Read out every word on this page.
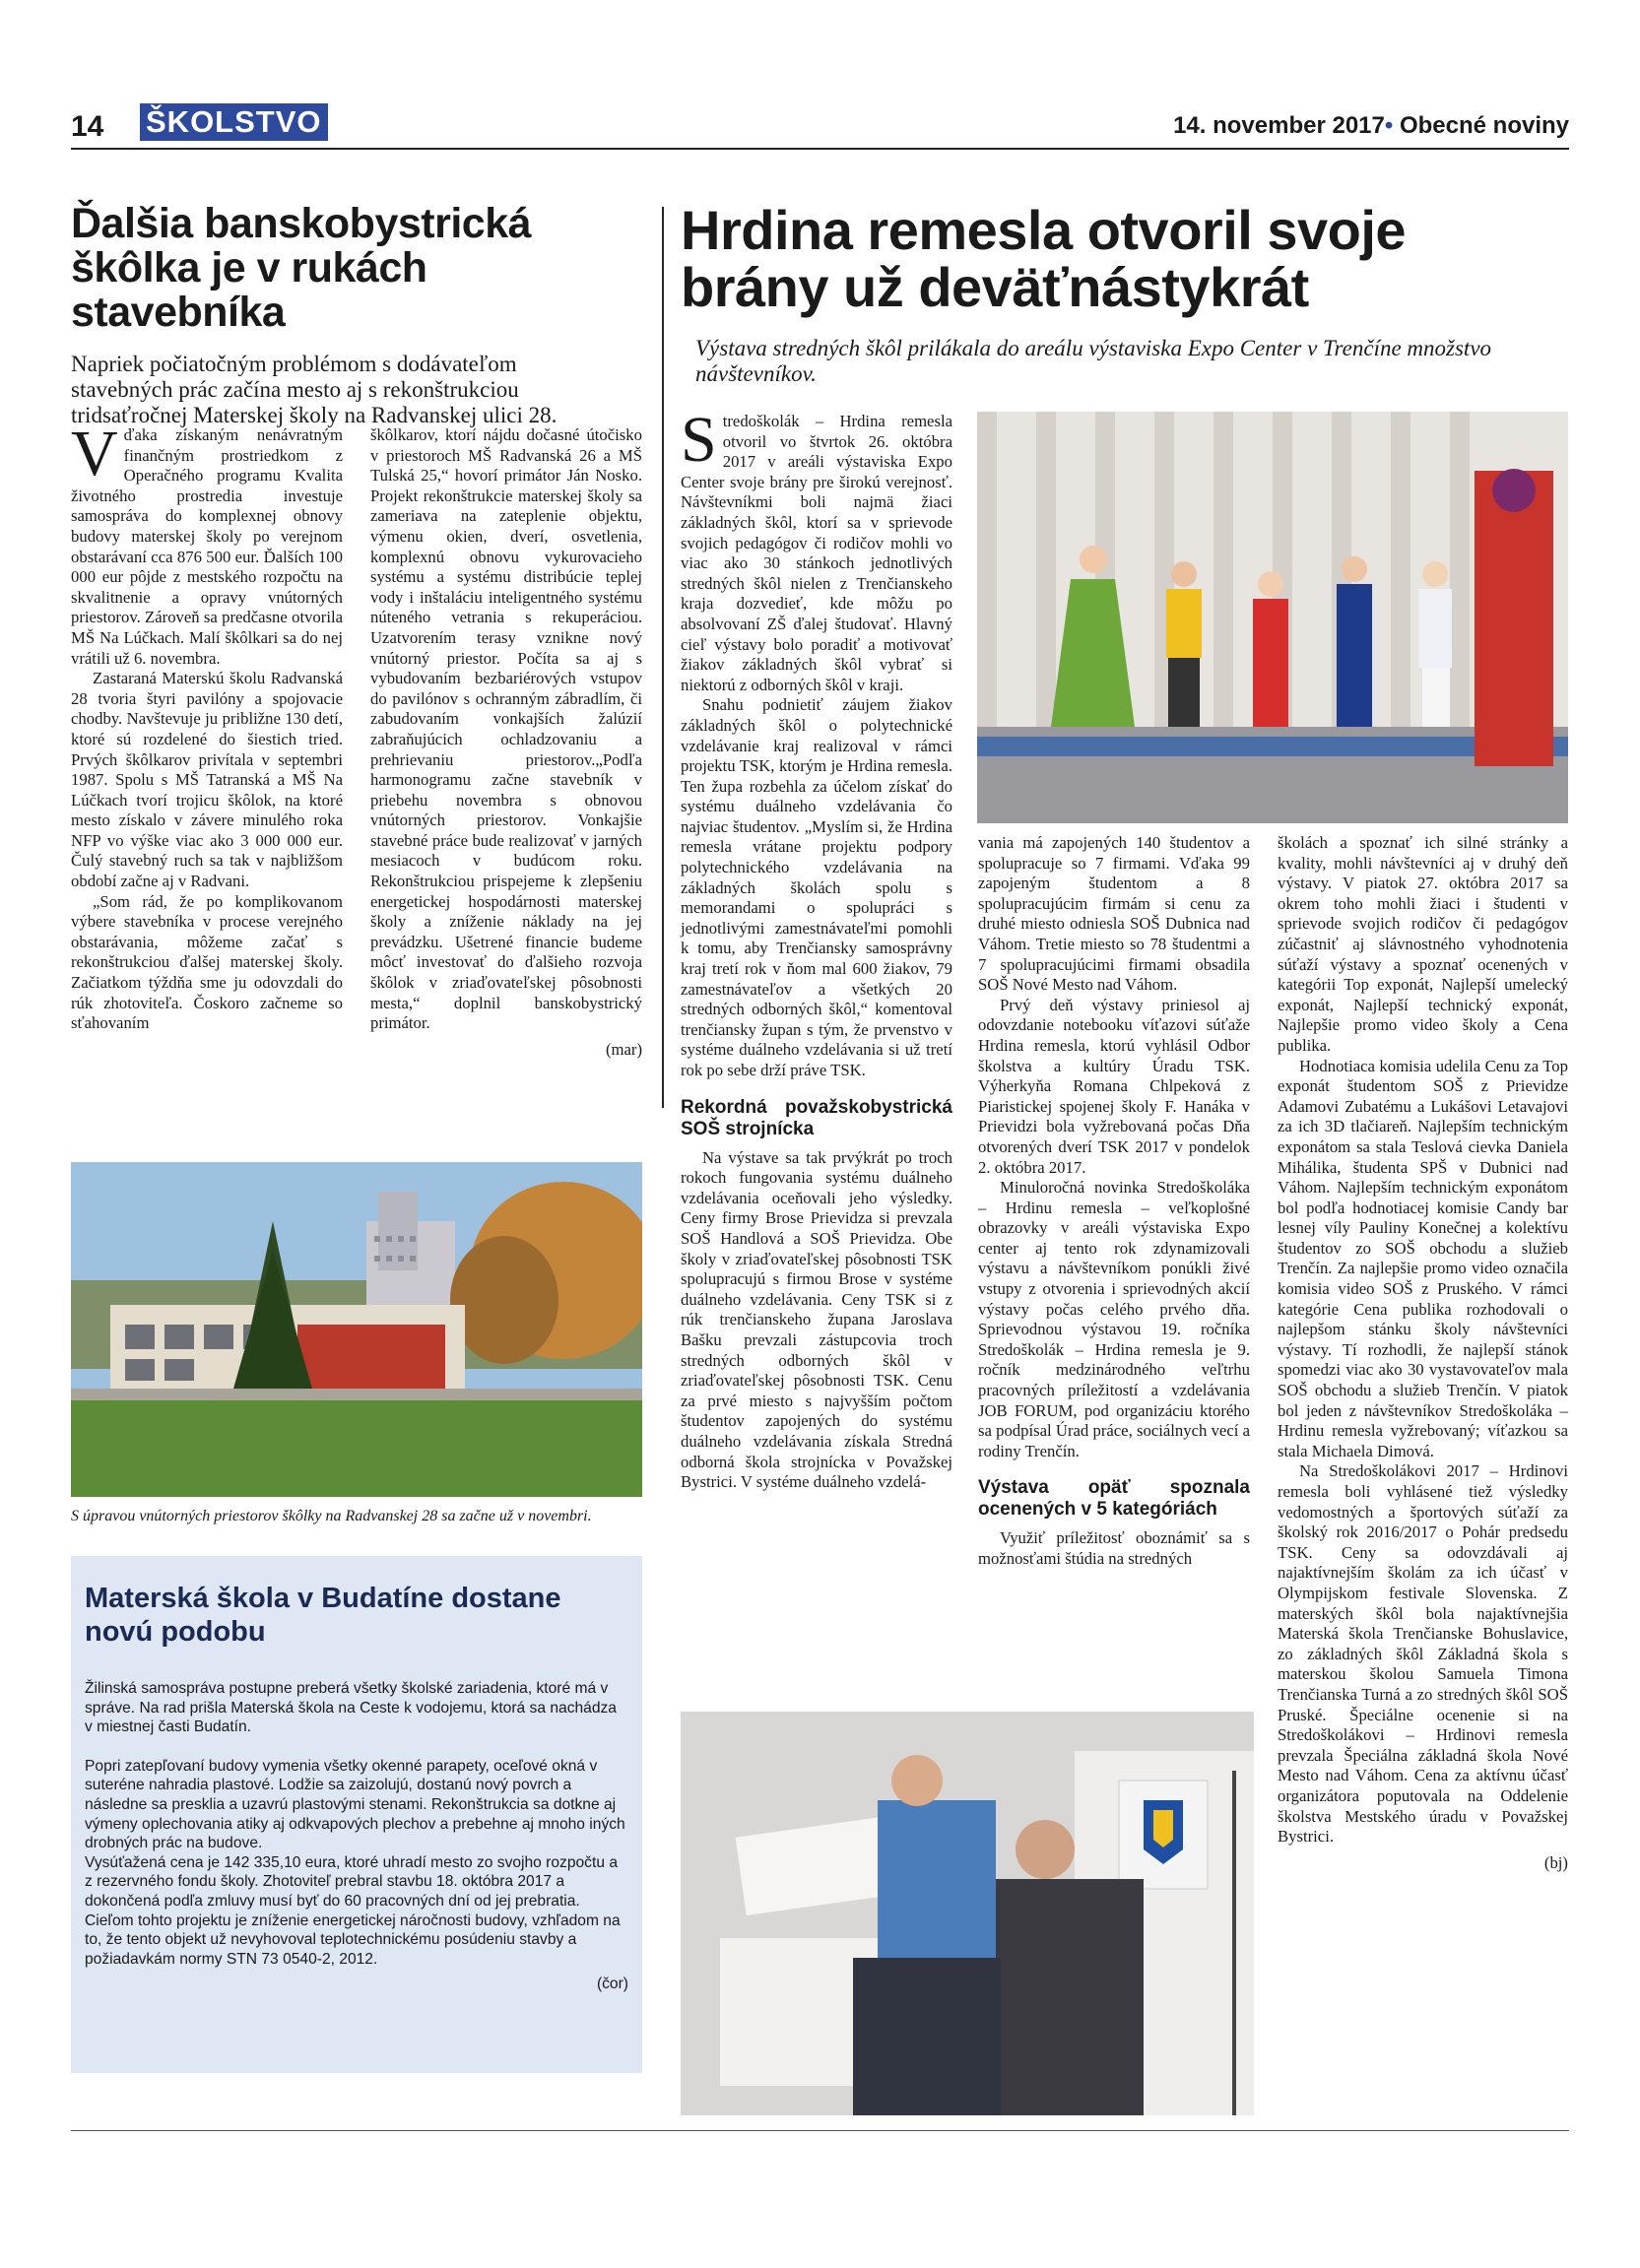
14 ŠKOLSTVO	14. november 2017• Obecné noviny
Ďalšia banskobystrická škôlka je v rukách stavebníka
Napriek počiatočným problémom s dodávateľom stavebných prác začína mesto aj s rekonštrukciou tridsaťročnej Materskej školy na Radvanskej ulici 28.

Vďaka získaným nenávratným finančným prostriedkom z Operačného programu Kvalita životného prostredia investuje samospráva do komplexnej obnovy budovy materskej školy po verejnom obstarávaní cca 876 500 eur. Ďalších 100 000 eur pôjde z mestského rozpočtu na skvalitnenie a opravy vnútorných priestorov. Zároveň sa predčasne otvorila MŠ Na Lúčkach. Malí škôlkari sa do nej vrátili už 6. novembra.

Zastaraná Materskú školu Radvanská 28 tvoria štyri pavilóny a spojovacie chodby. Navštevuje ju približne 130 detí, ktoré sú rozdelené do šiestich tried. Prvých škôlkarov privítala v septembri 1987. Spolu s MŠ Tatranská a MŠ Na Lúčkach tvorí trojicu škôlok, na ktoré mesto získalo v závere minulého roka NFP vo výške viac ako 3 000 000 eur. Čulý stavebný ruch sa tak v najbližšom období začne aj v Radvani.

„Som rád, že po komplikovanom výbere stavebníka v procese verejného obstarávania, môžeme začať s rekonštrukciou ďalšej materskej školy. Začiatkom týždňa sme ju odovzdali do rúk zhotoviteľa. Čoskoro začneme so sťahovaním

škôlkarov, ktorí nájdu dočasné útočisko v priestoroch MŠ Radvanská 26 a MŠ Tulská 25,“ hovorí primátor Ján Nosko. Projekt rekonštrukcie materskej školy sa zameriava na zateplenie objektu, výmenu okien, dverí, osvetlenia, komplexnú obnovu vykurovacieho systému a systému distribúcie teplej vody i inštaláciu inteligentného systému núteného vetrania s rekuperáciou. Uzatvorením terasy vznikne nový vnútorný priestor. Počíta sa aj s vybudovaním bezbariérových vstupov do pavilónov s ochranným zábradlím, či zabudovaním vonkajších žalúzií zabraňujúcich ochladzovaniu a prehrievaniu priestorov.„Podľa harmonogramu začne stavebník v priebehu novembra s obnovou vnútorných priestorov. Vonkajšie stavebné práce bude realizovať v jarných mesiacoch v budúcom roku. Rekonštrukciou prispejeme k zlepšeniu energetickej hospodárnosti materskej školy a zníženie náklady na jej prevádzku. Ušetrené financie budeme môcť investovať do ďalšieho rozvoja škôlok v zriaďovateľskej pôsobnosti mesta,“ doplnil banskobystrický primátor.

(mar)
S úpravou vnútorných priestorov škôlky na Radvanskej 28 sa začne už v novembri.
Materská škola v Budatíne dostane novú podobu

Žilinská samospráva postupne preberá všetky školské zariadenia, ktoré má v správe. Na rad prišla Materská škola na Ceste k vodojemu, ktorá sa nachádza v miestnej časti Budatín.

Popri zatepľovaní budovy vymenia všetky okenné parapety, oceľové okná v suteréne nahradia plastové. Lodžie sa zaizolujú, dostanú nový povrch a následne sa presklia a uzavrú plastovými stenami. Rekonštrukcia sa dotkne aj výmeny oplechovania atiky aj odkvapových plechov a prebehne aj mnoho iných drobných prác na budove.

Vysúťažená cena je 142 335,10 eura, ktoré uhradí mesto zo svojho rozpočtu a z rezervného fondu školy. Zhotoviteľ prebral stavbu 18. októbra 2017 a dokončená podľa zmluvy musí byť do 60 pracovných dní od jej prebratia.

Cieľom tohto projektu je zníženie energetickej náročnosti budovy, vzhľadom na to, že tento objekt už nevyhovoval teplotechnickému posúdeniu stavby a požiadavkám normy STN 73 0540-2, 2012.

(čor)
Hrdina remesla otvoril svoje brány už deväťnástykrát
Výstava stredných škôl prilákala do areálu výstaviska Expo Center v Trenčíne množstvo návštevníkov.

Stredoškolák – Hrdina remesla otvoril vo štvrtok 26. októbra 2017 v areáli výstaviska Expo Center svoje brány pre širokú verejnosť. Návštevníkmi boli najmä žiaci základných škôl, ktorí sa v sprievode svojich pedagógov či rodičov mohli vo viac ako 30 stánkoch jednotlivých stredných škôl nielen z Trenčianskeho kraja dozvedieť, kde môžu po absolvovaní ZŠ ďalej študovať. Hlavný cieľ výstavy bolo poradiť a motivovať žiakov základných škôl vybrať si niektorú z odborných škôl v kraji.

Snahu podnietiť záujem žiakov základných škôl o polytechnické vzdelávanie kraj realizoval v rámci projektu TSK, ktorým je Hrdina remesla. Ten župa rozbehla za účelom získať do systému duálneho vzdelávania čo najviac študentov. „Myslím si, že Hrdina remesla vrátane projektu podpory polytechnického vzdelávania na základných školách spolu s memorandami o spolupráci s jednotlivými zamestnávateľmi pomohli k tomu, aby Trenčiansky samosprávny kraj tretí rok v ňom mal 600 žiakov, 79 zamestnávateľov a všetkých 20 stredných odborných škôl,“ komentoval trenčiansky župan s tým, že prvenstvo v systéme duálneho vzdelávania si už tretí rok po sebe drží práve TSK.

Rekordná považskobystrická SOŠ strojnícka

Na výstave sa tak prvýkrát po troch rokoch fungovania systému duálneho vzdelávania oceňovali jeho výsledky. Ceny firmy Brose Prievidza si prevzala SOŠ Handlová a SOŠ Prievidza. Obe školy v zriaďovateľskej pôsobnosti TSK spolupracujú s firmou Brose v systéme duálneho vzdelávania. Ceny TSK si z rúk trenčianskeho župana Jaroslava Bašku prevzali zástupcovia troch stredných odborných škôl v zriaďovateľskej pôsobnosti TSK. Cenu za prvé miesto s najvyšším počtom študentov zapojených do systému duálneho vzdelávania získala Stredná odborná škola strojnícka v Považskej Bystrici. V systéme duálneho vzdelá-

vania má zapojených 140 študentov a spolupracuje so 7 firmami. Vďaka 99 zapojeným študentom a 8 spolupracujúcim firmám si cenu za druhé miesto odniesla SOŠ Dubnica nad Váhom. Tretie miesto so 78 študentmi a 7 spolupracujúcimi firmami obsadila SOŠ Nové Mesto nad Váhom.

Prvý deň výstavy priniesol aj odovzdanie notebooku víťazovi súťaže Hrdina remesla, ktorú vyhlásil Odbor školstva a kultúry Úradu TSK. Výherkyňa Romana Chlpeková z Piaristickej spojenej školy F. Hanáka v Prievidzi bola vyžrebovaná počas Dňa otvorených dverí TSK 2017 v pondelok 2. októbra 2017.

Minuloročná novinka Stredoškoláka – Hrdinu remesla – veľkoplošné obrazovky v areáli výstaviska Expo center aj tento rok zdynamizovali výstavu a návštevníkom ponúkli živé vstupy z otvorenia i sprievodných akcií výstavy počas celého prvého dňa. Sprievodnou výstavou 19. ročníka Stredoškolák – Hrdina remesla je 9. ročník medzinárodného veľtrhu pracovných príležitostí a vzdelávania JOB FORUM, pod organizáciu ktorého sa podpísal Úrad práce, sociálnych vecí a rodiny Trenčín.

Výstava opäť spoznala ocenených v 5 kategóriách

Využiť príležitosť oboznámiť sa s možnosťami štúdia na stredných

školách a spoznať ich silné stránky a kvality, mohli návštevníci aj v druhý deň výstavy. V piatok 27. októbra 2017 sa okrem toho mohli žiaci i študenti v sprievode svojich rodičov či pedagógov zúčastniť aj slávnostného vyhodnotenia súťaží výstavy a spoznať ocenených v kategórii Top exponát, Najlepší umelecký exponát, Najlepší technický exponát, Najlepšie promo video školy a Cena publika.

Hodnotiaca komisia udelila Cenu za Top exponát študentom SOŠ z Prievidze Adamovi Zubatému a Lukášovi Letavajovi za ich 3D tlačiareň. Najlepším technickým exponátom sa stala Teslová cievka Daniela Mihálika, študenta SPŠ v Dubnici nad Váhom. Najlepším technickým exponátom bol podľa hodnotiacej komisie Candy bar lesnej víly Pauliny Konečnej a kolektívu študentov zo SOŠ obchodu a služieb Trenčín. Za najlepšie promo video označila komisia video SOŠ z Pruského. V rámci kategórie Cena publika rozhodovali o najlepšom stánku školy návštevníci výstavy. Tí rozhodli, že najlepší stánok spomedzi viac ako 30 vystavovateľov mala SOŠ obchodu a služieb Trenčín. V piatok bol jeden z návštevníkov Stredoškoláka – Hrdinu remesla vyžrebovaný; víťazkou sa stala Michaela Dimová.

Na Stredoškolákovi 2017 – Hrdinovi remesla boli vyhlásené tiež výsledky vedomostných a športových súťaží za školský rok 2016/2017 o Pohár predsedu TSK. Ceny sa odovzdávali aj najaktívnejším školám za ich účasť v Olympijskom festivale Slovenska. Z materských škôl bola najaktívnejšia Materská škola Trenčianske Bohuslavice, zo základných škôl Základná škola s materskou školou Samuela Timona Trenčianska Turná a zo stredných škôl SOŠ Pruské. Špeciálne ocenenie si na Stredoškolákovi – Hrdinovi remesla prevzala Špeciálna základná škola Nové Mesto nad Váhom. Cena za aktívnu účasť organizátora poputovala na Oddelenie školstva Mestského úradu v Považskej Bystrici.

(bj)
